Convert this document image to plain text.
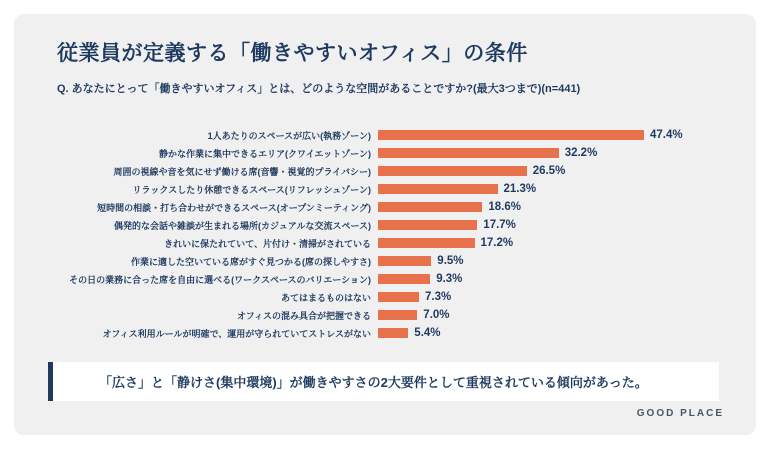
従業員が定義する「働きやすいオフィス」の条件
Q. あなたにとって「働きやすいオフィス」とは、どのような空間があることですか?(最大3つまで)(n=441)
1人あたりのスペースが広い(執務ゾーン)	47.4%
静かな作業に集中できるエリア(クワイエットゾーン)	32.2%
周囲の視線や音を気にせず働ける席(音響・視覚的プライバシー)	26.5%
リラックスしたり休憩できるスペース(リフレッシュゾーン)	21.3%
短時間の相談・打ち合わせができるスペース(オープンミーティング)	18.6%
偶発的な会話や雑談が生まれる場所(カジュアルな交流スペース)	17.7%
きれいに保たれていて、片付け・清掃がされている	17.2%
作業に適した空いている席がすぐ見つかる(席の探しやすさ)	9.5%
その日の業務に合った席を自由に選べる(ワークスペースのバリエーション)	9.3%
あてはまるものはない	7.3%
オフィスの混み具合が把握できる	7.0%
オフィス利用ルールが明確で、運用が守られていてストレスがない	5.4%
「広さ」と「静けさ(集中環境)」が働きやすさの2大要件として重視されている傾向があった。
GOOD PLACE
